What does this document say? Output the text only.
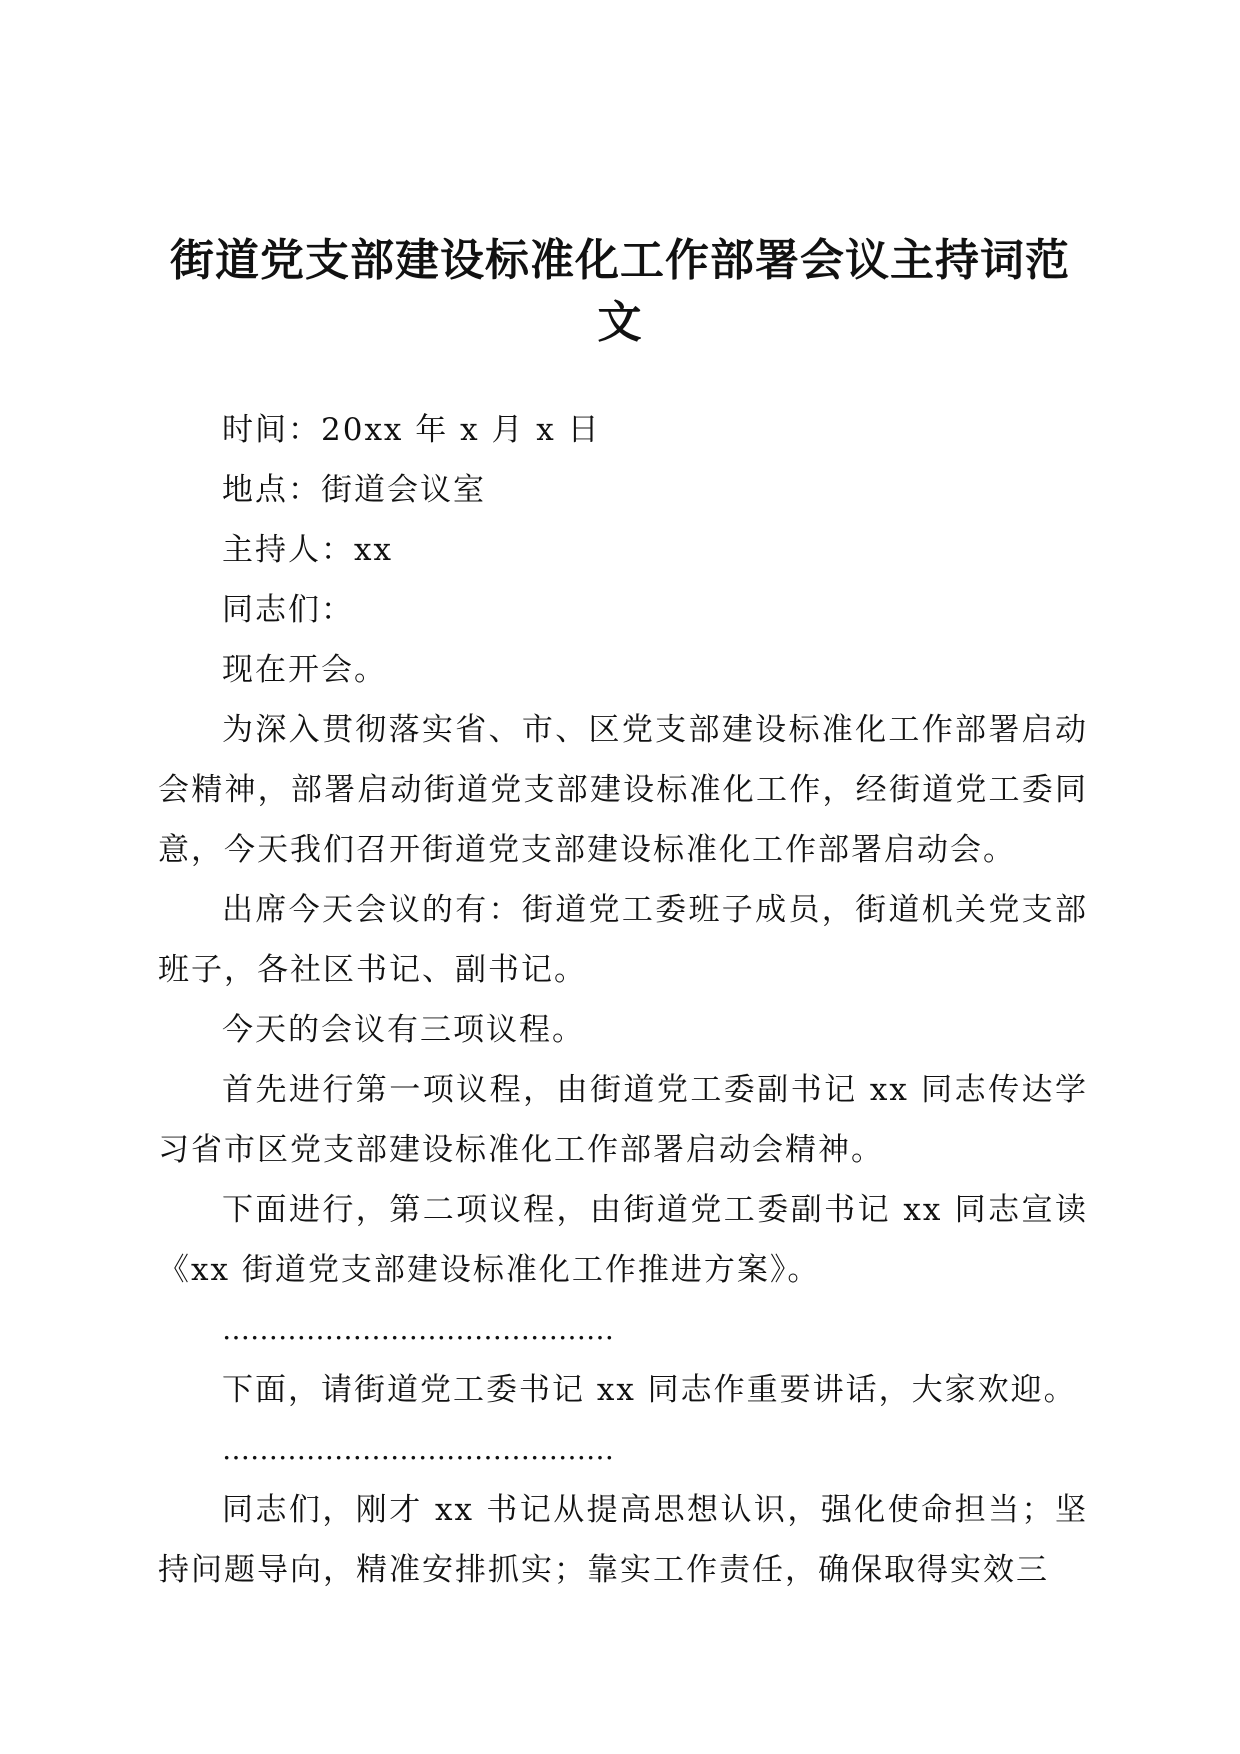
街道党支部建设标准化工作部署会议主持词范文

时间：20xx 年 x 月 x 日

地点：街道会议室

主持人：xx

同志们：

现在开会。

为深入贯彻落实省、市、区党支部建设标准化工作部署启动会精神，部署启动街道党支部建设标准化工作，经街道党工委同意，今天我们召开街道党支部建设标准化工作部署启动会。

出席今天会议的有：街道党工委班子成员，街道机关党支部班子，各社区书记、副书记。

今天的会议有三项议程。

首先进行第一项议程，由街道党工委副书记 xx 同志传达学习省市区党支部建设标准化工作部署启动会精神。

下面进行，第二项议程，由街道党工委副书记 xx 同志宣读《xx 街道党支部建设标准化工作推进方案》。

……………………………………

下面，请街道党工委书记 xx 同志作重要讲话，大家欢迎。

……………………………………

同志们，刚才 xx 书记从提高思想认识，强化使命担当；坚持问题导向，精准安排抓实；靠实工作责任，确保取得实效三
